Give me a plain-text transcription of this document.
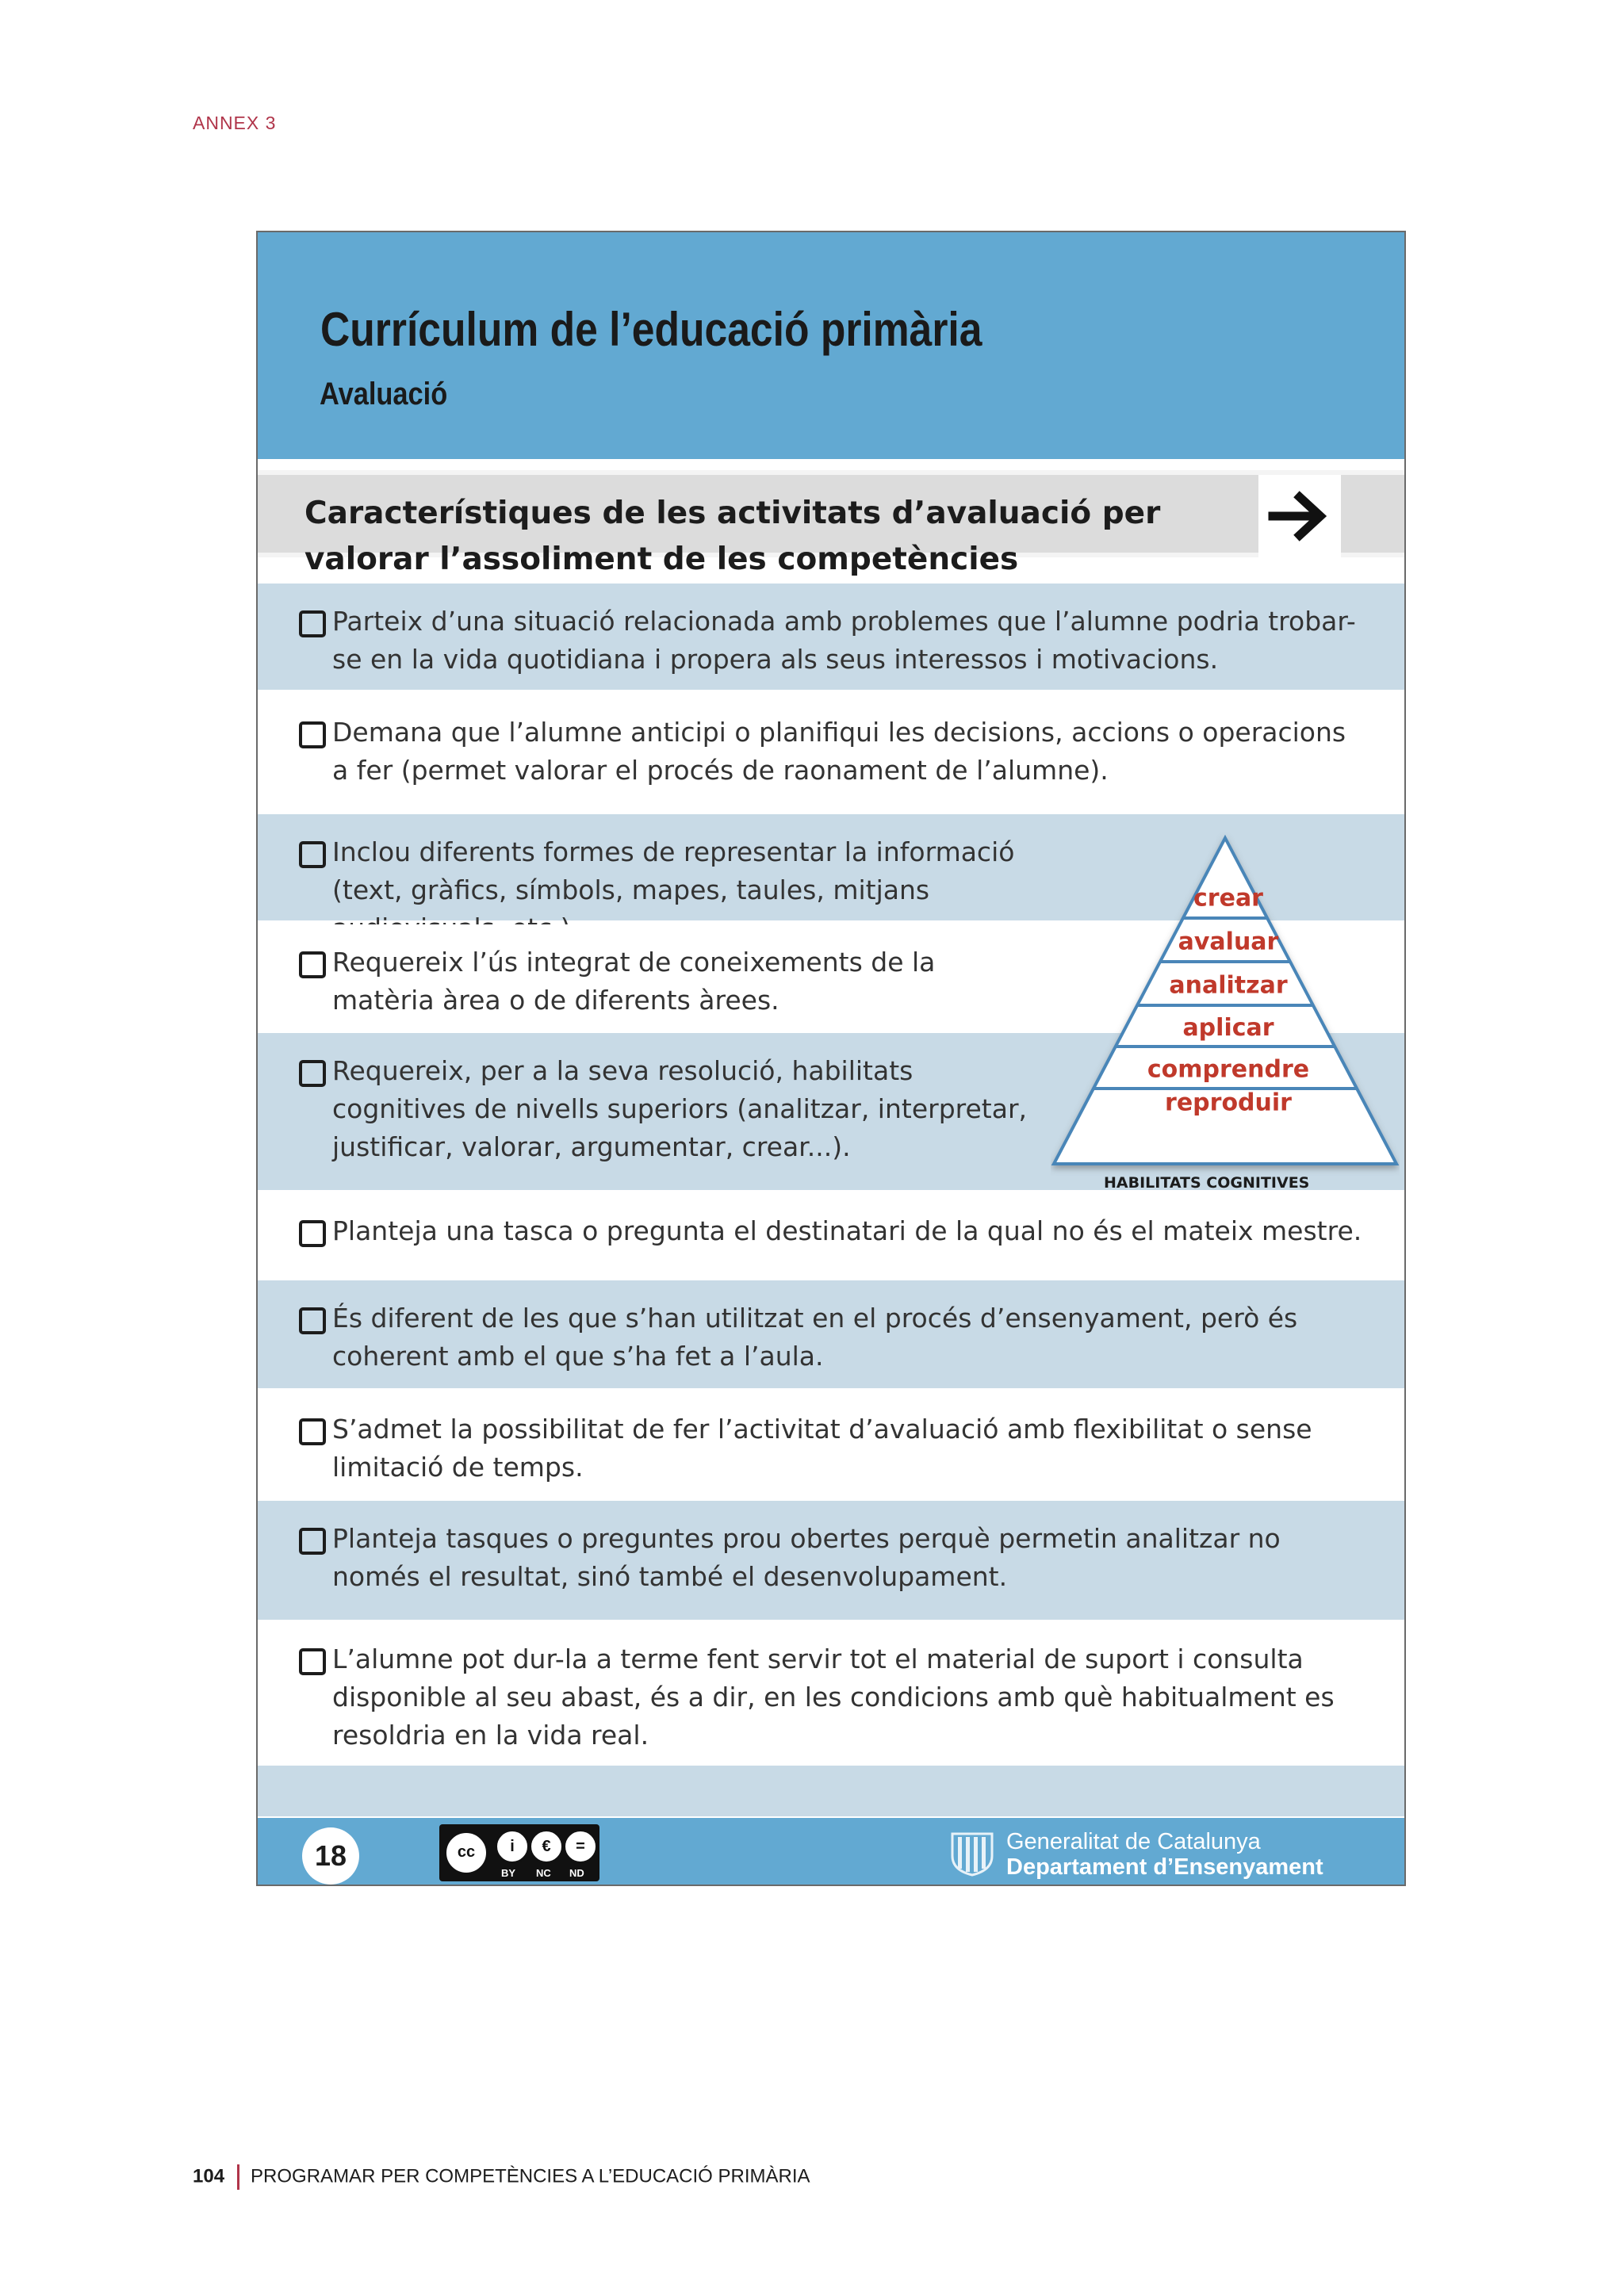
ANNEX 3
Currículum de l’educació primària
Avaluació
Característiques de les activitats d’avaluació per valorar l’assoliment de les competències
Parteix d’una situació relacionada amb problemes que l’alumne podria trobar-se en la vida quotidiana i propera als seus interessos i motivacions.
Demana que l’alumne anticipi o planifiqui les decisions, accions o operacions a fer (permet valorar el procés de raonament de l’alumne).
Inclou diferents formes de representar la informació (text, gràfics, símbols, mapes, taules, mitjans
Requereix l’ús integrat de coneixements de la matèria àrea o de diferents àrees.
Requereix, per a la seva resolució, habilitats cognitives de nivells superiors (analitzar, interpretar, justificar, valorar, argumentar, crear...).
Planteja una tasca o pregunta el destinatari de la qual no és el mateix mestre.
És diferent de les que s’han utilitzat en el procés d’ensenyament, però és coherent amb el que s’ha fet a l’aula.
S’admet la possibilitat de fer l’activitat d’avaluació amb flexibilitat o sense limitació de temps.
Planteja tasques o preguntes prou obertes perquè permetin analitzar no només el resultat, sinó també el desenvolupament.
L’alumne pot dur-la a terme fent servir tot el material de suport i consulta disponible al seu abast, és a dir, en les condicions amb què habitualment es resoldria en la vida real.
crear
avaluar
analitzar
aplicar
comprendre
reproduir
HABILITATS COGNITIVES
18	cc	i	€	=
BY NC ND
Generalitat de Catalunya
Departament d’Ensenyament
104 PROGRAMAR PER COMPETÈNCIES A L’EDUCACIÓ PRIMÀRIA
